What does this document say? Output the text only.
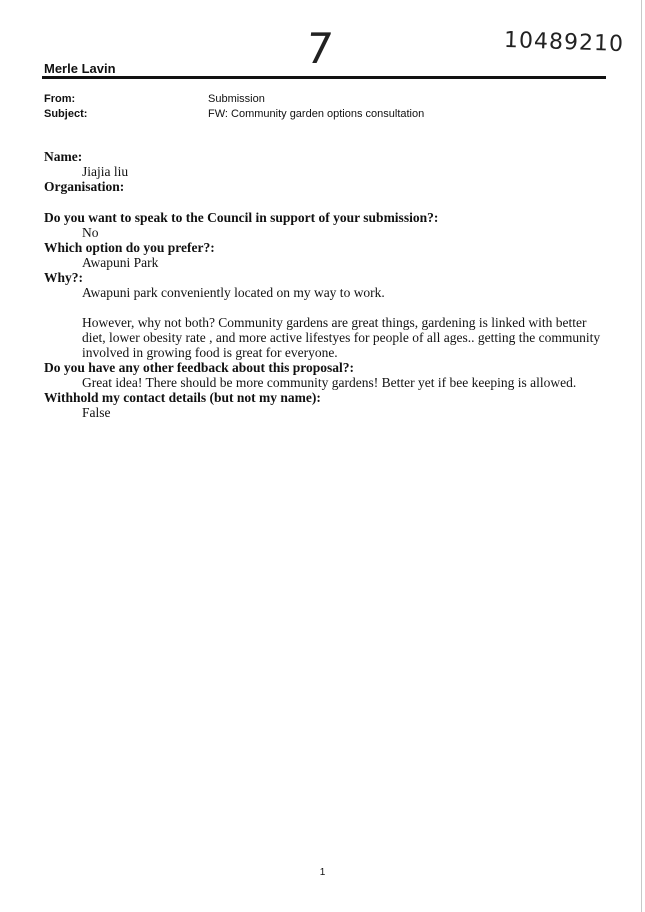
7	10489210
Merle Lavin
From:	Submission
Subject:	FW: Community garden options consultation
Name:
Jiajia liu
Organisation:
Do you want to speak to the Council in support of your submission?:
No
Which option do you prefer?:
Awapuni Park
Why?:
Awapuni park conveniently located on my way to work.
However, why not both? Community gardens are great things, gardening is linked with better diet, lower obesity rate , and more active lifestyes for people of all ages.. getting the community involved in growing food is great for everyone.
Do you have any other feedback about this proposal?:
Great idea! There should be more community gardens! Better yet if bee keeping is allowed.
Withhold my contact details (but not my name):
False
1
